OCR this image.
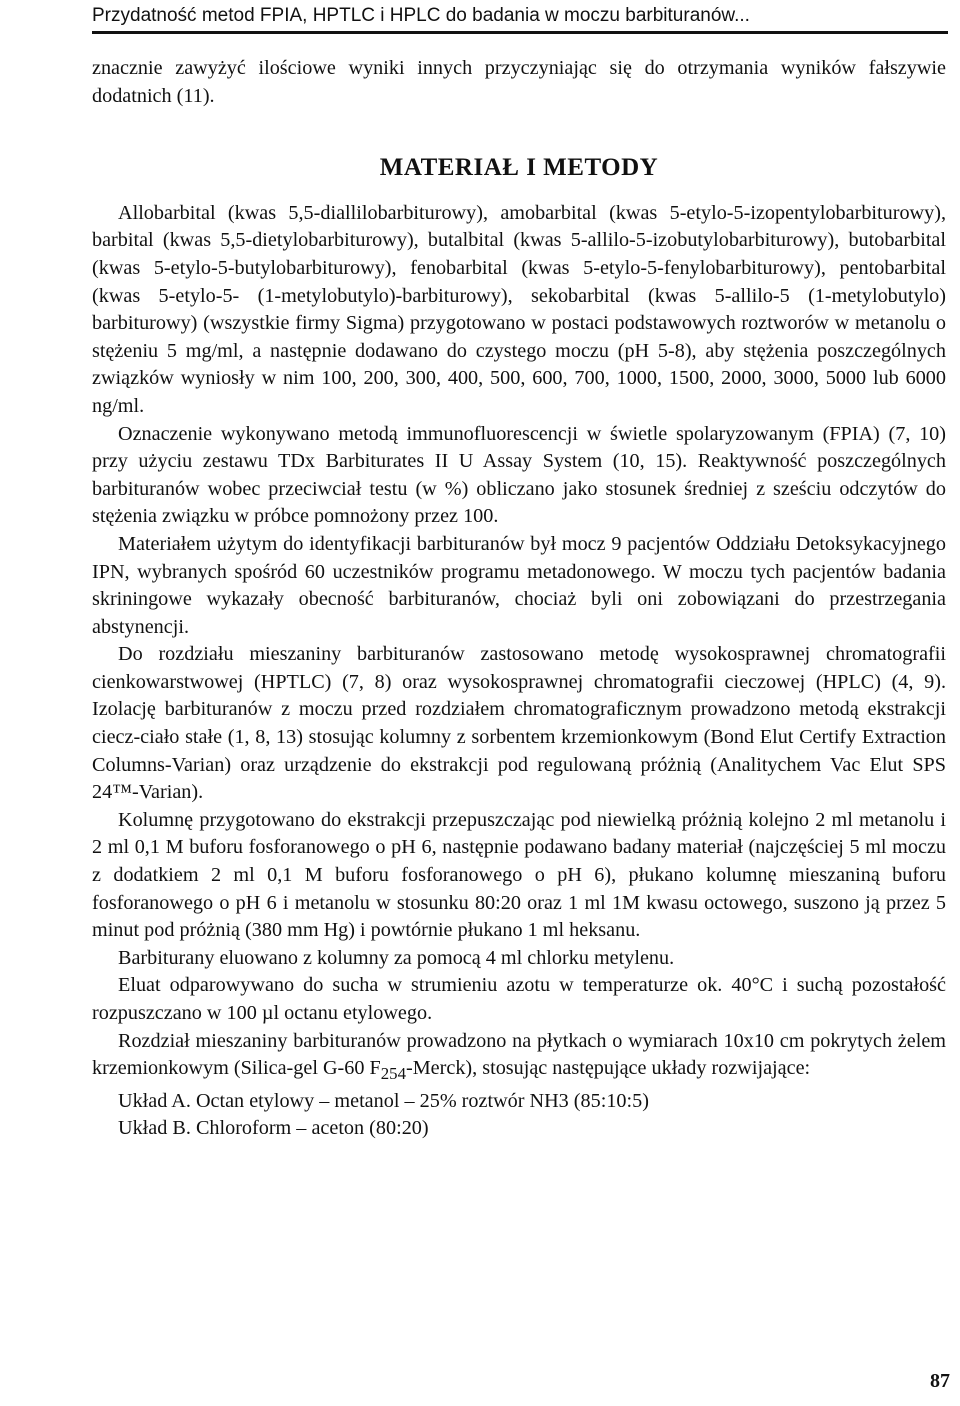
Przydatność metod FPIA, HPTLC i HPLC do badania w moczu barbituranów...

znacznie zawyżyć ilościowe wyniki innych przyczyniając się do otrzymania wyników fałszywie dodatnich (11).

MATERIAŁ I METODY

Allobarbital (kwas 5,5-diallilobarbiturowy), amobarbital (kwas 5-etylo-5-izopentylobarbiturowy), barbital (kwas 5,5-dietylobarbiturowy), butalbital (kwas 5-allilo-5-izobutylobarbiturowy), butobarbital (kwas 5-etylo-5-butylobarbiturowy), fenobarbital (kwas 5-etylo-5-fenylobarbiturowy), pentobarbital (kwas 5-etylo-5- (1-metylobutylo)-barbiturowy), sekobarbital (kwas 5-allilo-5 (1-metylobutylo) barbiturowy) (wszystkie firmy Sigma) przygotowano w postaci podstawowych roztworów w metanolu o stężeniu 5 mg/ml, a następnie dodawano do czystego moczu (pH 5-8), aby stężenia poszczególnych związków wyniosły w nim 100, 200, 300, 400, 500, 600, 700, 1000, 1500, 2000, 3000, 5000 lub 6000 ng/ml.

Oznaczenie wykonywano metodą immunofluorescencji w świetle spolaryzowanym (FPIA) (7, 10) przy użyciu zestawu TDx Barbiturates II U Assay System (10, 15). Reaktywność poszczególnych barbituranów wobec przeciwciał testu (w %) obliczano jako stosunek średniej z sześciu odczytów do stężenia związku w próbce pomnożony przez 100.

Materiałem użytym do identyfikacji barbituranów był mocz 9 pacjentów Oddziału Detoksykacyjnego IPN, wybranych spośród 60 uczestników programu metadonowego. W moczu tych pacjentów badania skriningowe wykazały obecność barbituranów, chociaż byli oni zobowiązani do przestrzegania abstynencji.

Do rozdziału mieszaniny barbituranów zastosowano metodę wysokosprawnej chromatografii cienkowarstwowej (HPTLC) (7, 8) oraz wysokosprawnej chromatografii cieczowej (HPLC) (4, 9). Izolację barbituranów z moczu przed rozdziałem chromatograficznym prowadzono metodą ekstrakcji ciecz-ciało stałe (1, 8, 13) stosując kolumny z sorbentem krzemionkowym (Bond Elut Certify Extraction Columns-Varian) oraz urządzenie do ekstrakcji pod regulowaną próżnią (Analitychem Vac Elut SPS 24™-Varian).

Kolumnę przygotowano do ekstrakcji przepuszczając pod niewielką próżnią kolejno 2 ml metanolu i 2 ml 0,1 M buforu fosforanowego o pH 6, następnie podawano badany materiał (najczęściej 5 ml moczu z dodatkiem 2 ml 0,1 M buforu fosforanowego o pH 6), płukano kolumnę mieszaniną buforu fosforanowego o pH 6 i metanolu w stosunku 80:20 oraz 1 ml 1M kwasu octowego, suszono ją przez 5 minut pod próżnią (380 mm Hg) i powtórnie płukano 1 ml heksanu.

Barbiturany eluowano z kolumny za pomocą 4 ml chlorku metylenu.

Eluat odparowywano do sucha w strumieniu azotu w temperaturze ok. 40°C i suchą pozostałość rozpuszczano w 100 µl octanu etylowego.

Rozdział mieszaniny barbituranów prowadzono na płytkach o wymiarach 10x10 cm pokrytych żelem krzemionkowym (Silica-gel G-60 $F_{254}-Merck$), stosując następujące układy rozwijające:

Układ A. Octan etylowy – metanol – 25% roztwór NH3 (85:10:5)

Układ B. Chloroform – aceton (80:20)

87
